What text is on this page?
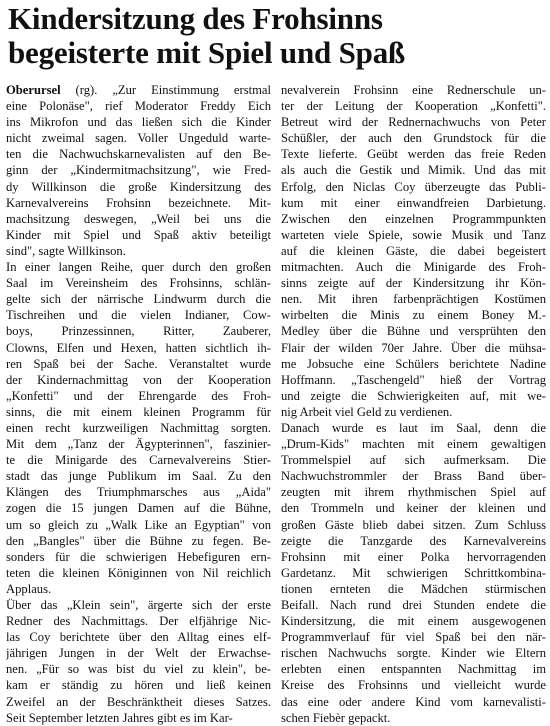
Kindersitzung des Frohsinns
begeisterte mit Spiel und Spaß
Oberursel (rg). „Zur Einstimmung erstmal
eine Polonäse", rief Moderator Freddy Eich
ins Mikrofon und das ließen sich die Kinder
nicht zweimal sagen. Voller Ungeduld warte-
ten die Nachwuchskarnevalisten auf den Be-
ginn der „Kindermitmachsitzung", wie Fred-
dy Willkinson die große Kindersitzung des
Karnevalvereins Frohsinn bezeichnete. Mit-
machsitzung deswegen, „Weil bei uns die
Kinder mit Spiel und Spaß aktiv beteiligt
sind", sagte Willkinson.
In einer langen Reihe, quer durch den großen
Saal im Vereinsheim des Frohsinns, schlän-
gelte sich der närrische Lindwurm durch die
Tischreihen und die vielen Indianer, Cow-
boys, Prinzessinnen, Ritter, Zauberer,
Clowns, Elfen und Hexen, hatten sichtlich ih-
ren Spaß bei der Sache. Veranstaltet wurde
der Kindernachmittag von der Kooperation
„Konfetti" und der Ehrengarde des Froh-
sinns, die mit einem kleinen Programm für
einen recht kurzweiligen Nachmittag sorgten.
Mit dem „Tanz der Ägypterinnen", faszinier-
te die Minigarde des Carnevalvereins Stier-
stadt das junge Publikum im Saal. Zu den
Klängen des Triumphmarsches aus „Aida"
zogen die 15 jungen Damen auf die Bühne,
um so gleich zu „Walk Like an Egyptian" von
den „Bangles" über die Bühne zu fegen. Be-
sonders für die schwierigen Hebefiguren ern-
teten die kleinen Königinnen von Nil reichlich
Applaus.
Über das „Klein sein", ärgerte sich der erste
Redner des Nachmittags. Der elfjährige Nic-
las Coy berichtete über den Alltag eines elf-
jährigen Jungen in der Welt der Erwachse-
nen. „Für so was bist du viel zu klein", be-
kam er ständig zu hören und ließ keinen
Zweifel an der Beschränktheit dieses Satzes.
Seit September letzten Jahres gibt es im Kar-
nevalverein Frohsinn eine Rednerschule un-
ter der Leitung der Kooperation „Konfetti".
Betreut wird der Rednernachwuchs von Peter
Schüßler, der auch den Grundstock für die
Texte lieferte. Geübt werden das freie Reden
als auch die Gestik und Mimik. Und das mit
Erfolg, den Niclas Coy überzeugte das Publi-
kum mit einer einwandfreien Darbietung.
Zwischen den einzelnen Programmpunkten
warteten viele Spiele, sowie Musik und Tanz
auf die kleinen Gäste, die dabei begeistert
mitmachten. Auch die Minigarde des Froh-
sinns zeigte auf der Kindersitzung ihr Kön-
nen. Mit ihren farbenprächtigen Kostümen
wirbelten die Minis zu einem Boney M.-
Medley über die Bühne und versprühten den
Flair der wilden 70er Jahre. Über die mühsa-
me Jobsuche eine Schülers berichtete Nadine
Hoffmann. „Taschengeld" hieß der Vortrag
und zeigte die Schwierigkeiten auf, mit we-
nig Arbeit viel Geld zu verdienen.
Danach wurde es laut im Saal, denn die
„Drum-Kids" machten mit einem gewaltigen
Trommelspiel auf sich aufmerksam. Die
Nachwuchstrommler der Brass Band über-
zeugten mit ihrem rhythmischen Spiel auf
den Trommeln und keiner der kleinen und
großen Gäste blieb dabei sitzen. Zum Schluss
zeigte die Tanzgarde des Karnevalvereins
Frohsinn mit einer Polka hervorragenden
Gardetanz. Mit schwierigen Schrittkombina-
tionen ernteten die Mädchen stürmischen
Beifall. Nach rund drei Stunden endete die
Kindersitzung, die mit einem ausgewogenen
Programmverlauf für viel Spaß bei den när-
rischen Nachwuchs sorgte. Kinder wie Eltern
erlebten einen entspannten Nachmittag im
Kreise des Frohsinns und vielleicht wurde
das eine oder andere Kind vom karnevalisti-
schen Fiebèr gepackt.
